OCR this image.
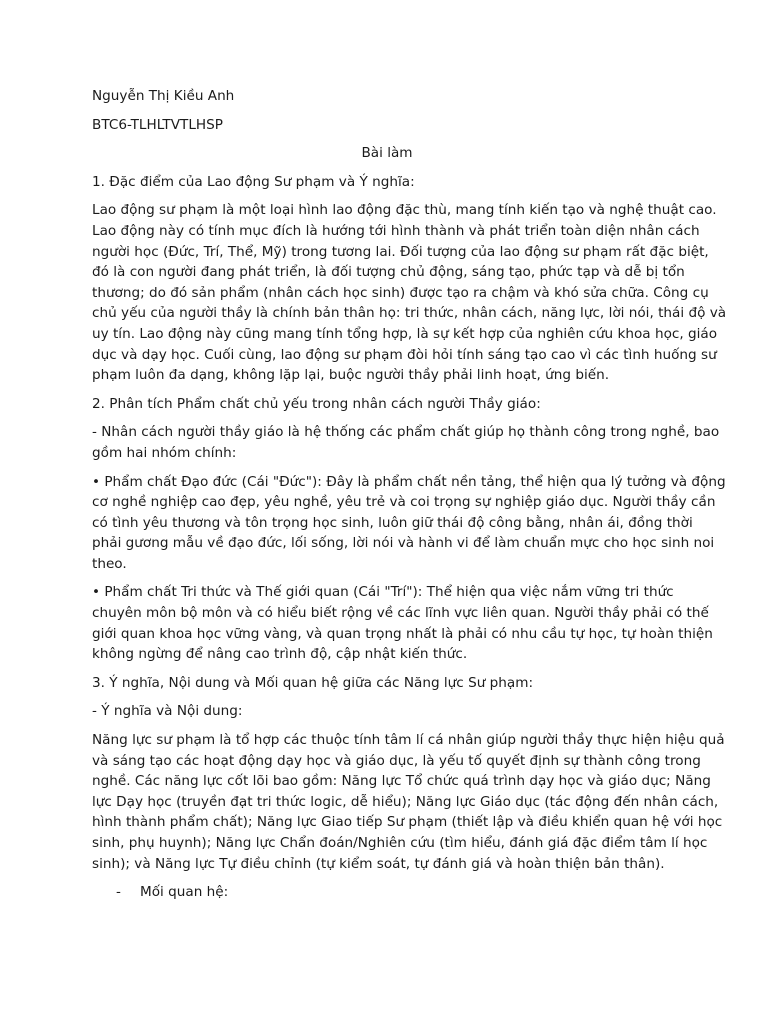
Nguyễn Thị Kiều Anh

BTC6-TLHLTVTLHSP

Bài làm

1. Đặc điểm của Lao động Sư phạm và Ý nghĩa:

Lao động sư phạm là một loại hình lao động đặc thù, mang tính kiến tạo và nghệ thuật cao.
Lao động này có tính mục đích là hướng tới hình thành và phát triển toàn diện nhân cách
người học (Đức, Trí, Thể, Mỹ) trong tương lai. Đối tượng của lao động sư phạm rất đặc biệt,
đó là con người đang phát triển, là đối tượng chủ động, sáng tạo, phức tạp và dễ bị tổn
thương; do đó sản phẩm (nhân cách học sinh) được tạo ra chậm và khó sửa chữa. Công cụ
chủ yếu của người thầy là chính bản thân họ: tri thức, nhân cách, năng lực, lời nói, thái độ và
uy tín. Lao động này cũng mang tính tổng hợp, là sự kết hợp của nghiên cứu khoa học, giáo
dục và dạy học. Cuối cùng, lao động sư phạm đòi hỏi tính sáng tạo cao vì các tình huống sư
phạm luôn đa dạng, không lặp lại, buộc người thầy phải linh hoạt, ứng biến.

2. Phân tích Phẩm chất chủ yếu trong nhân cách người Thầy giáo:

- Nhân cách người thầy giáo là hệ thống các phẩm chất giúp họ thành công trong nghề, bao
gồm hai nhóm chính:
• Phẩm chất Đạo đức (Cái "Đức"): Đây là phẩm chất nền tảng, thể hiện qua lý tưởng và động
cơ nghề nghiệp cao đẹp, yêu nghề, yêu trẻ và coi trọng sự nghiệp giáo dục. Người thầy cần
có tình yêu thương và tôn trọng học sinh, luôn giữ thái độ công bằng, nhân ái, đồng thời
phải gương mẫu về đạo đức, lối sống, lời nói và hành vi để làm chuẩn mực cho học sinh noi
theo.
• Phẩm chất Tri thức và Thế giới quan (Cái "Trí"): Thể hiện qua việc nắm vững tri thức
chuyên môn bộ môn và có hiểu biết rộng về các lĩnh vực liên quan. Người thầy phải có thế
giới quan khoa học vững vàng, và quan trọng nhất là phải có nhu cầu tự học, tự hoàn thiện
không ngừng để nâng cao trình độ, cập nhật kiến thức.

3. Ý nghĩa, Nội dung và Mối quan hệ giữa các Năng lực Sư phạm:

- Ý nghĩa và Nội dung:

Năng lực sư phạm là tổ hợp các thuộc tính tâm lí cá nhân giúp người thầy thực hiện hiệu quả
và sáng tạo các hoạt động dạy học và giáo dục, là yếu tố quyết định sự thành công trong
nghề. Các năng lực cốt lõi bao gồm: Năng lực Tổ chức quá trình dạy học và giáo dục; Năng
lực Dạy học (truyền đạt tri thức logic, dễ hiểu); Năng lực Giáo dục (tác động đến nhân cách,
hình thành phẩm chất); Năng lực Giao tiếp Sư phạm (thiết lập và điều khiển quan hệ với học
sinh, phụ huynh); Năng lực Chẩn đoán/Nghiên cứu (tìm hiểu, đánh giá đặc điểm tâm lí học
sinh); và Năng lực Tự điều chỉnh (tự kiểm soát, tự đánh giá và hoàn thiện bản thân).
- Mối quan hệ:
